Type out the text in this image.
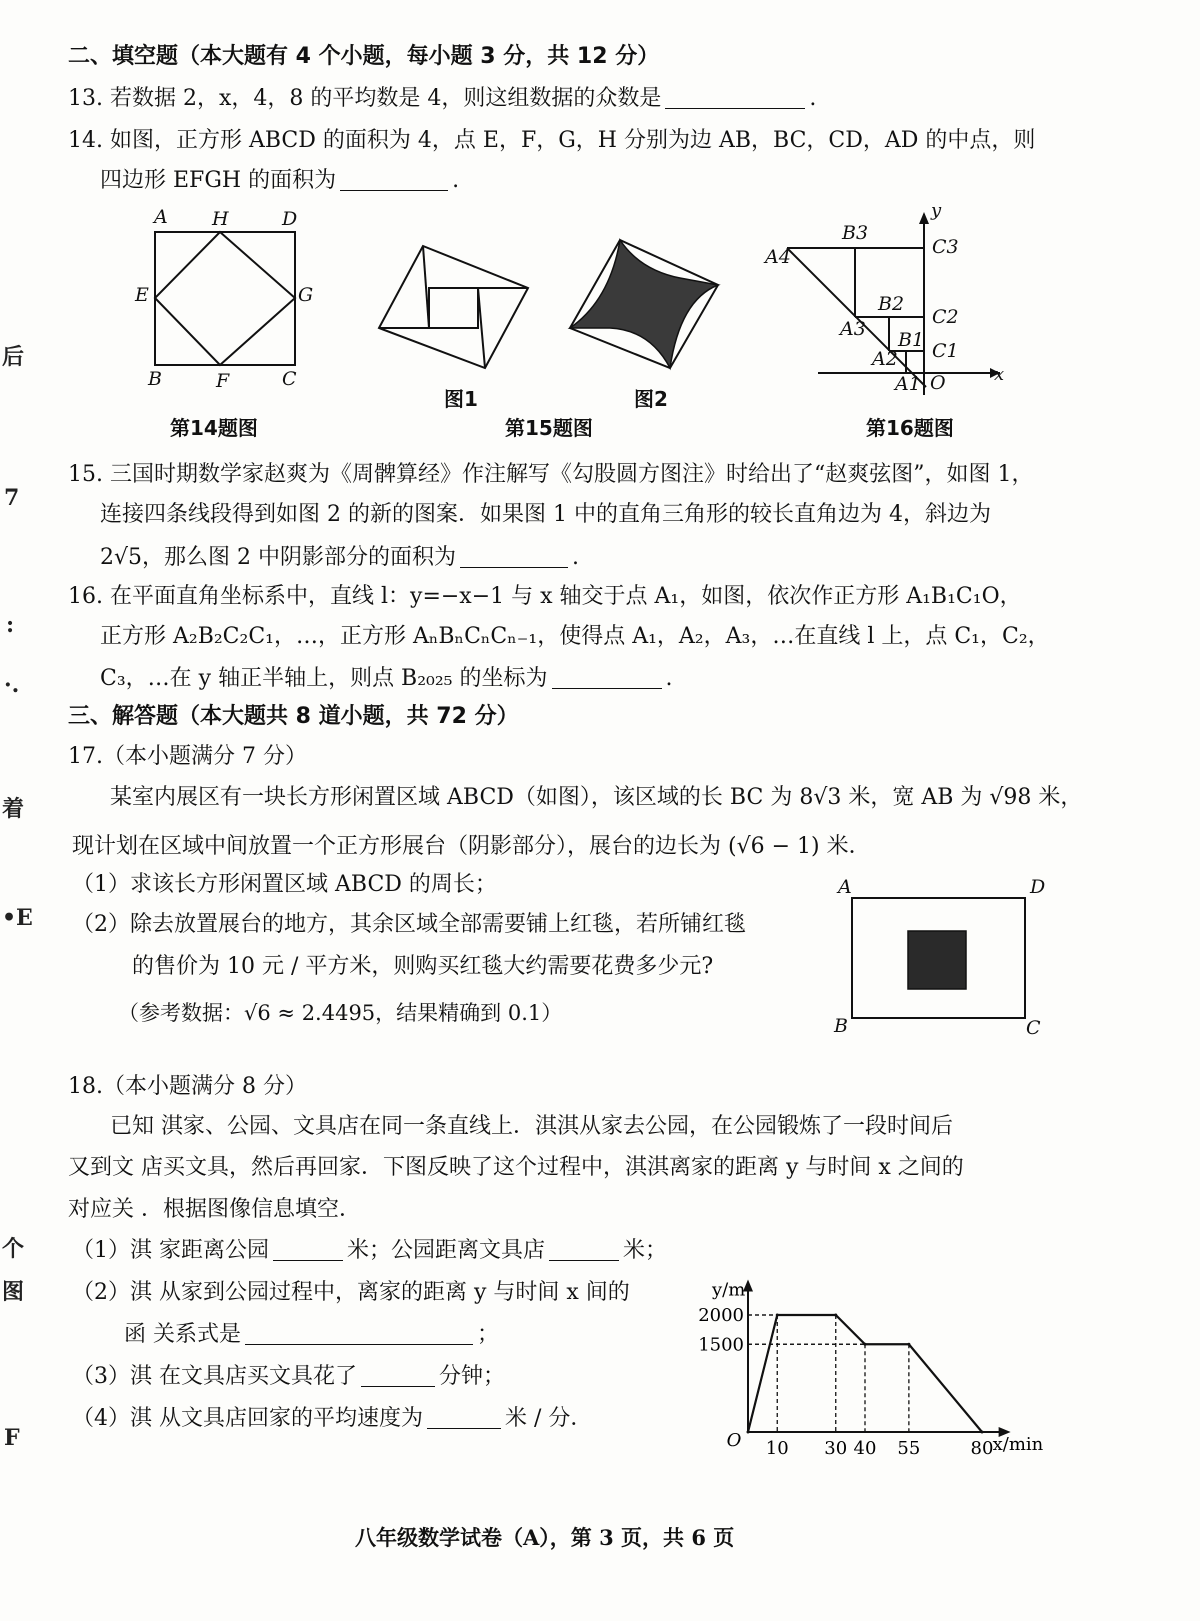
后
7
:
·.
着
•E
个
图
F
二、填空题（本大题有 4 个小题，每小题 3 分，共 12 分）
13. 若数据 2，x，4，8 的平均数是 4，则这组数据的众数是	.
14. 如图，正方形 ABCD 的面积为 4，点 E，F，G，H 分别为边 AB，BC，CD，AD 的中点，则
四边形 EFGH 的面积为	.
A H	D
E	G
B	F	C
第14题图
图1	图2
第15题图
y
B3
C3
A4
B2
C2
A3 B1 C1
A2
A1 O	x
第16题图
15. 三国时期数学家赵爽为《周髀算经》作注解写《勾股圆方图注》时给出了“赵爽弦图”，如图 1，
连接四条线段得到如图 2 的新的图案．如果图 1 中的直角三角形的较长直角边为 4，斜边为
2√5，那么图 2 中阴影部分的面积为	.
16. 在平面直角坐标系中，直线 l：y=−x−1 与 x 轴交于点 A₁，如图，依次作正方形 A₁B₁C₁O，
正方形 A₂B₂C₂C₁，…，正方形 AₙBₙCₙCₙ₋₁，使得点 A₁，A₂，A₃，…在直线 l 上，点 C₁，C₂，
C₃，…在 y 轴正半轴上，则点 B₂₀₂₅ 的坐标为	.
三、解答题（本大题共 8 道小题，共 72 分）
17.（本小题满分 7 分）
某室内展区有一块长方形闲置区域 ABCD（如图），该区域的长 BC 为 8√3 米，宽 AB 为 √98 米，
现计划在区域中间放置一个正方形展台（阴影部分），展台的边长为 (√6 − 1) 米．
（1）求该长方形闲置区域 ABCD 的周长；
（2）除去放置展台的地方，其余区域全部需要铺上红毯，若所铺红毯
的售价为 10 元 / 平方米，则购买红毯大约需要花费多少元?
（参考数据：√6 ≈ 2.4495，结果精确到 0.1）
A	D
B	C
18.（本小题满分 8 分）
已知 淇家、公园、文具店在同一条直线上．淇淇从家去公园，在公园锻炼了一段时间后
又到文 店买文具，然后再回家．下图反映了这个过程中，淇淇离家的距离 y 与时间 x 之间的
对应关 ．根据图像信息填空．
（1）淇 家距离公园	米；公园距离文具店	米；
（2）淇 从家到公园过程中，离家的距离 y 与时间 x 间的
函 关系式是	；
（3）淇 在文具店买文具花了	分钟；
（4）淇 从文具店回家的平均速度为	米 / 分．
10 30 40 55	80
2000
1500
O	x/min
y/m
八年级数学试卷（A），第 3 页，共 6 页
